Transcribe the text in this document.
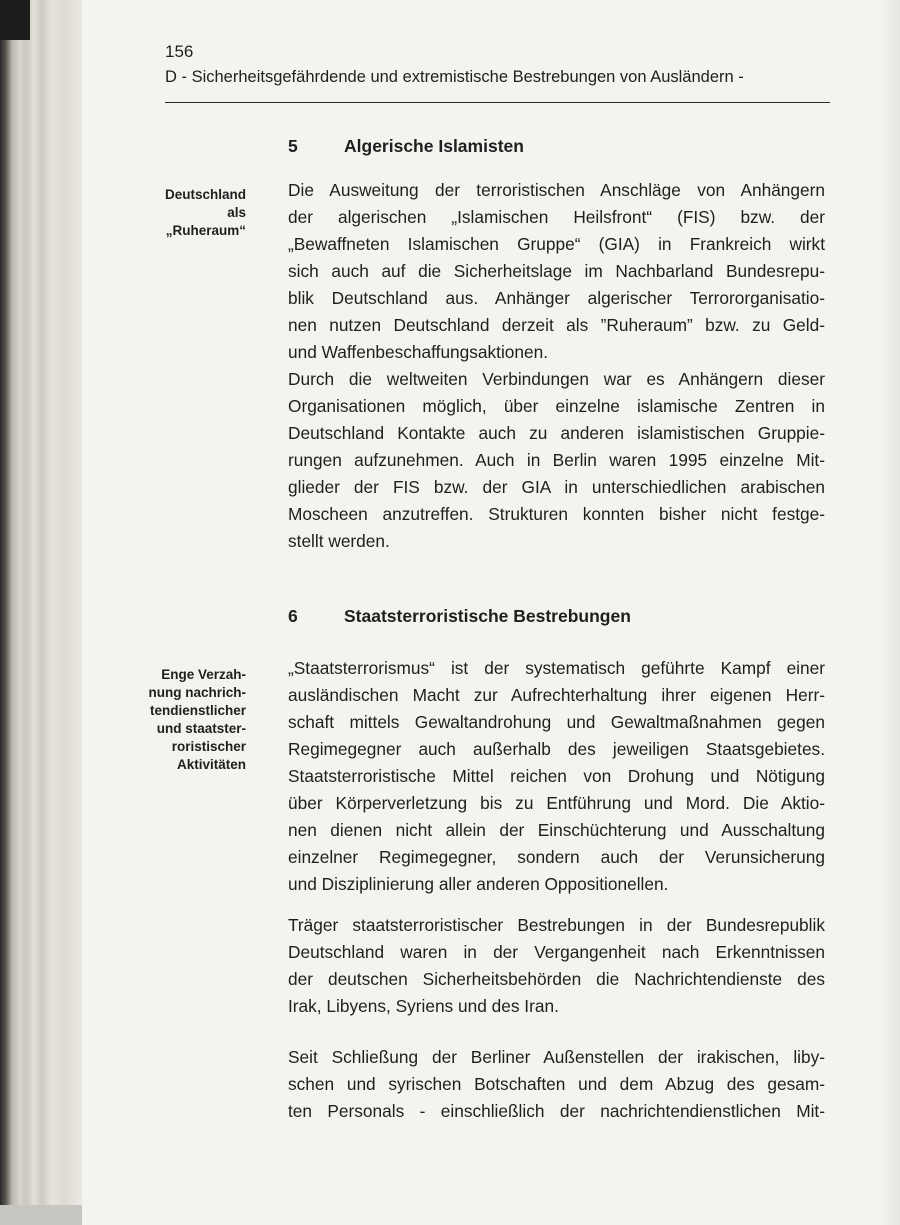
156
D - Sicherheitsgefährdende und extremistische Bestrebungen von Ausländern -
5	Algerische Islamisten
Deutschland
als
„Ruheraum“
Die Ausweitung der terroristischen Anschläge von Anhängern
der algerischen „Islamischen Heilsfront“ (FIS) bzw. der
„Bewaffneten Islamischen Gruppe“ (GIA) in Frankreich wirkt
sich auch auf die Sicherheitslage im Nachbarland Bundesrepu-
blik Deutschland aus. Anhänger algerischer Terrororganisatio-
nen nutzen Deutschland derzeit als ”Ruheraum” bzw. zu Geld-
und Waffenbeschaffungsaktionen.
Durch die weltweiten Verbindungen war es Anhängern dieser
Organisationen möglich, über einzelne islamische Zentren in
Deutschland Kontakte auch zu anderen islamistischen Gruppie-
rungen aufzunehmen. Auch in Berlin waren 1995 einzelne Mit-
glieder der FIS bzw. der GIA in unterschiedlichen arabischen
Moscheen anzutreffen. Strukturen konnten bisher nicht festge-
stellt werden.
6	Staatsterroristische Bestrebungen
Enge Verzah-
nung nachrich-
tendienstlicher
und staatster-
roristischer
Aktivitäten
„Staatsterrorismus“ ist der systematisch geführte Kampf einer
ausländischen Macht zur Aufrechterhaltung ihrer eigenen Herr-
schaft mittels Gewaltandrohung und Gewaltmaßnahmen gegen
Regimegegner auch außerhalb des jeweiligen Staatsgebietes.
Staatsterroristische Mittel reichen von Drohung und Nötigung
über Körperverletzung bis zu Entführung und Mord. Die Aktio-
nen dienen nicht allein der Einschüchterung und Ausschaltung
einzelner Regimegegner, sondern auch der Verunsicherung
und Disziplinierung aller anderen Oppositionellen.
Träger staatsterroristischer Bestrebungen in der Bundesrepublik
Deutschland waren in der Vergangenheit nach Erkenntnissen
der deutschen Sicherheitsbehörden die Nachrichtendienste des
Irak, Libyens, Syriens und des Iran.
Seit Schließung der Berliner Außenstellen der irakischen, liby-
schen und syrischen Botschaften und dem Abzug des gesam-
ten Personals - einschließlich der nachrichtendienstlichen Mit-
